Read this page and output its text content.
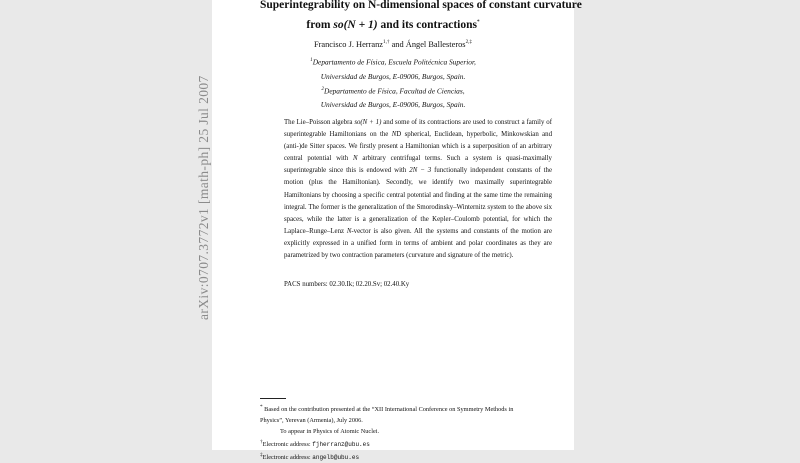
arXiv:0707.3772v1 [math-ph] 25 Jul 2007
Superintegrability on N-dimensional spaces of constant curvature
from so(N + 1) and its contractions*
Francisco J. Herranz$^{1,\dagger}$ and Ángel Ballesteros$^{2,\ddagger}$
$^1$Departamento de Física, Escuela Politécnica Superior,
Universidad de Burgos, E-09006, Burgos, Spain.
$^2$Departamento de Física, Facultad de Ciencias,
Universidad de Burgos, E-09006, Burgos, Spain.

The Lie–Poisson algebra so(N + 1) and some of its contractions are used to construct a family of superintegrable Hamiltonians on the ND spherical, Euclidean, hyperbolic, Minkowskian and (anti-)de Sitter spaces. We firstly present a Hamiltonian which is a superposition of an arbitrary central potential with N arbitrary centrifugal terms. Such a system is quasi-maximally superintegrable since this is endowed with 2N − 3 functionally independent constants of the motion (plus the Hamiltonian). Secondly, we identify two maximally superintegrable Hamiltonians by choosing a specific central potential and finding at the same time the remaining integral. The former is the generalization of the Smorodinsky–Winternitz system to the above six spaces, while the latter is a generalization of the Kepler–Coulomb potential, for which the Laplace–Runge–Lenz N-vector is also given. All the systems and constants of the motion are explicitly expressed in a unified form in terms of ambient and polar coordinates as they are parametrized by two contraction parameters (curvature and signature of the metric).

PACS numbers: 02.30.Ik; 02.20.Sv; 02.40.Ky
* Based on the contribution presented at the “XII International Conference on Symmetry Methods in
Physics”, Yerevan (Armenia), July 2006.
To appear in Physics of Atomic Nuclei.
†Electronic address: fjherranz@ubu.es
‡Electronic address: angelb@ubu.es
